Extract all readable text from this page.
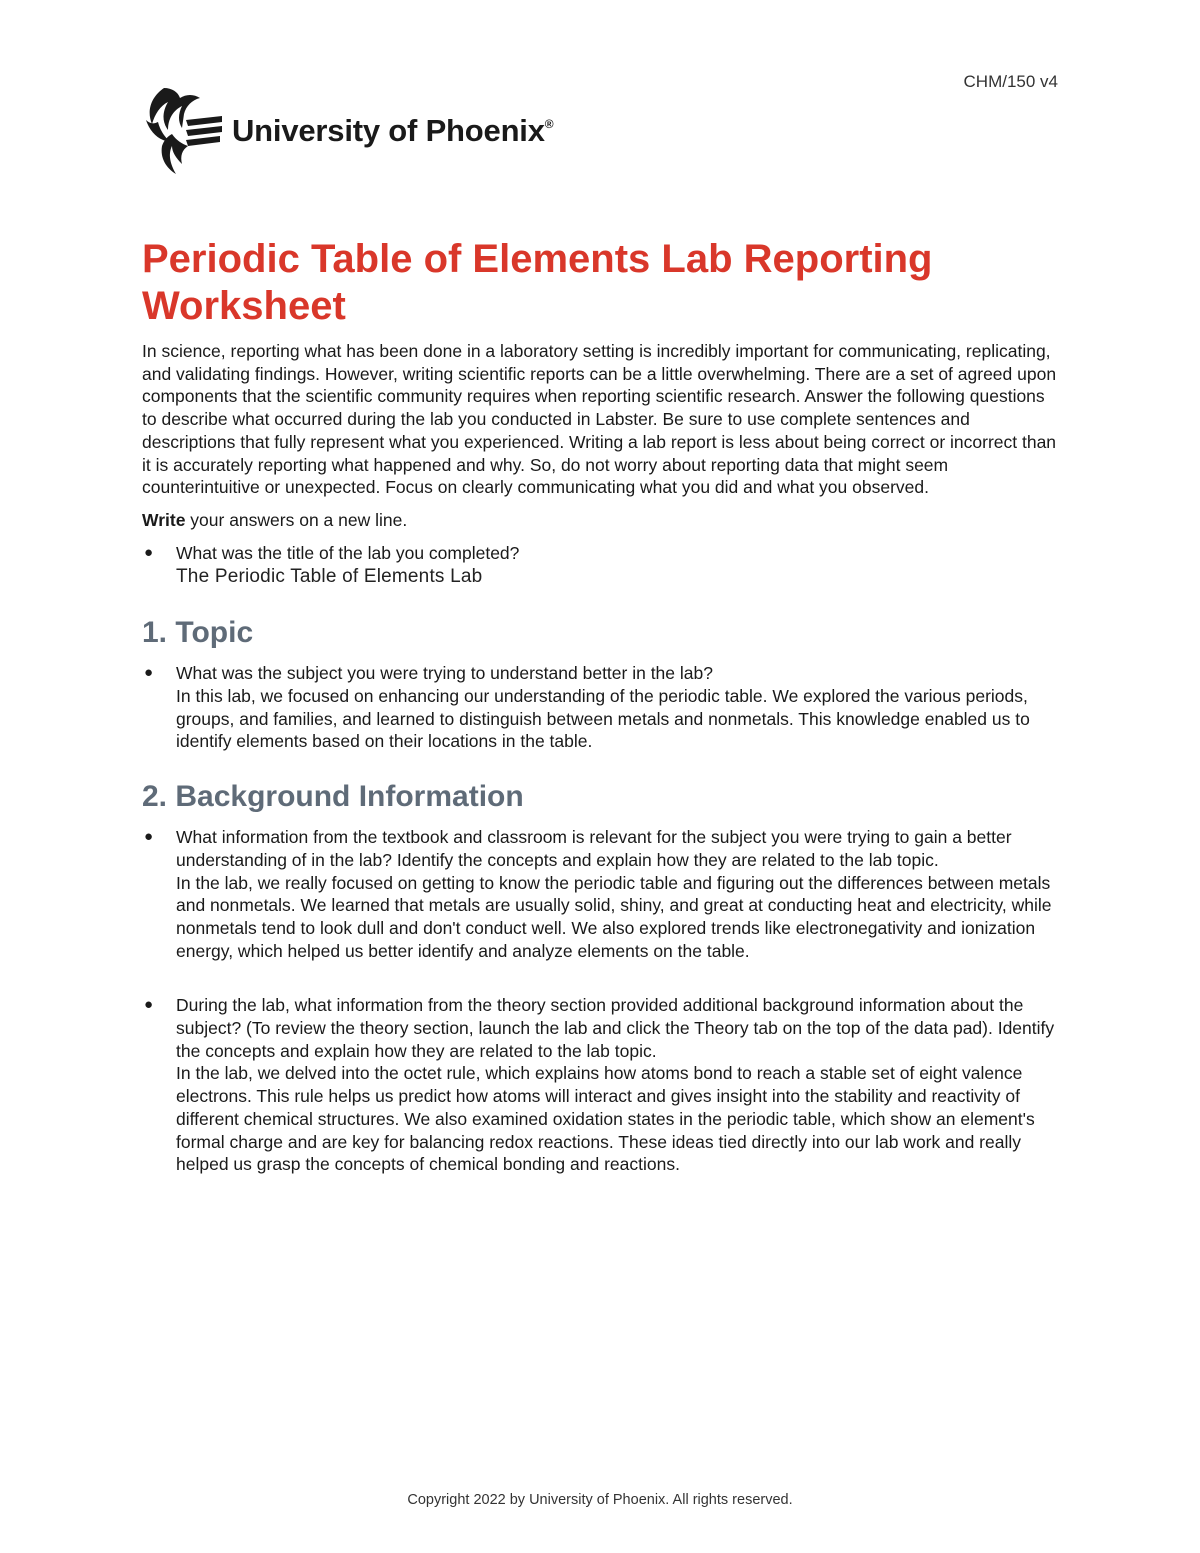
CHM/150 v4
University of Phoenix®
Periodic Table of Elements Lab Reporting Worksheet

In science, reporting what has been done in a laboratory setting is incredibly important for communicating, replicating, and validating findings. However, writing scientific reports can be a little overwhelming. There are a set of agreed upon components that the scientific community requires when reporting scientific research. Answer the following questions to describe what occurred during the lab you conducted in Labster. Be sure to use complete sentences and descriptions that fully represent what you experienced. Writing a lab report is less about being correct or incorrect than it is accurately reporting what happened and why. So, do not worry about reporting data that might seem counterintuitive or unexpected. Focus on clearly communicating what you did and what you observed.

Write your answers on a new line.

● What was the title of the lab you completed?
The Periodic Table of Elements Lab
1. Topic
● What was the subject you were trying to understand better in the lab?
In this lab, we focused on enhancing our understanding of the periodic table. We explored the various periods, groups, and families, and learned to distinguish between metals and nonmetals. This knowledge enabled us to identify elements based on their locations in the table.
2. Background Information
● What information from the textbook and classroom is relevant for the subject you were trying to gain a better understanding of in the lab? Identify the concepts and explain how they are related to the lab topic.
In the lab, we really focused on getting to know the periodic table and figuring out the differences between metals and nonmetals. We learned that metals are usually solid, shiny, and great at conducting heat and electricity, while nonmetals tend to look dull and don't conduct well. We also explored trends like electronegativity and ionization energy, which helped us better identify and analyze elements on the table.
● During the lab, what information from the theory section provided additional background information about the subject? (To review the theory section, launch the lab and click the Theory tab on the top of the data pad). Identify the concepts and explain how they are related to the lab topic.
In the lab, we delved into the octet rule, which explains how atoms bond to reach a stable set of eight valence electrons. This rule helps us predict how atoms will interact and gives insight into the stability and reactivity of different chemical structures. We also examined oxidation states in the periodic table, which show an element's formal charge and are key for balancing redox reactions. These ideas tied directly into our lab work and really helped us grasp the concepts of chemical bonding and reactions.
Copyright 2022 by University of Phoenix. All rights reserved.
